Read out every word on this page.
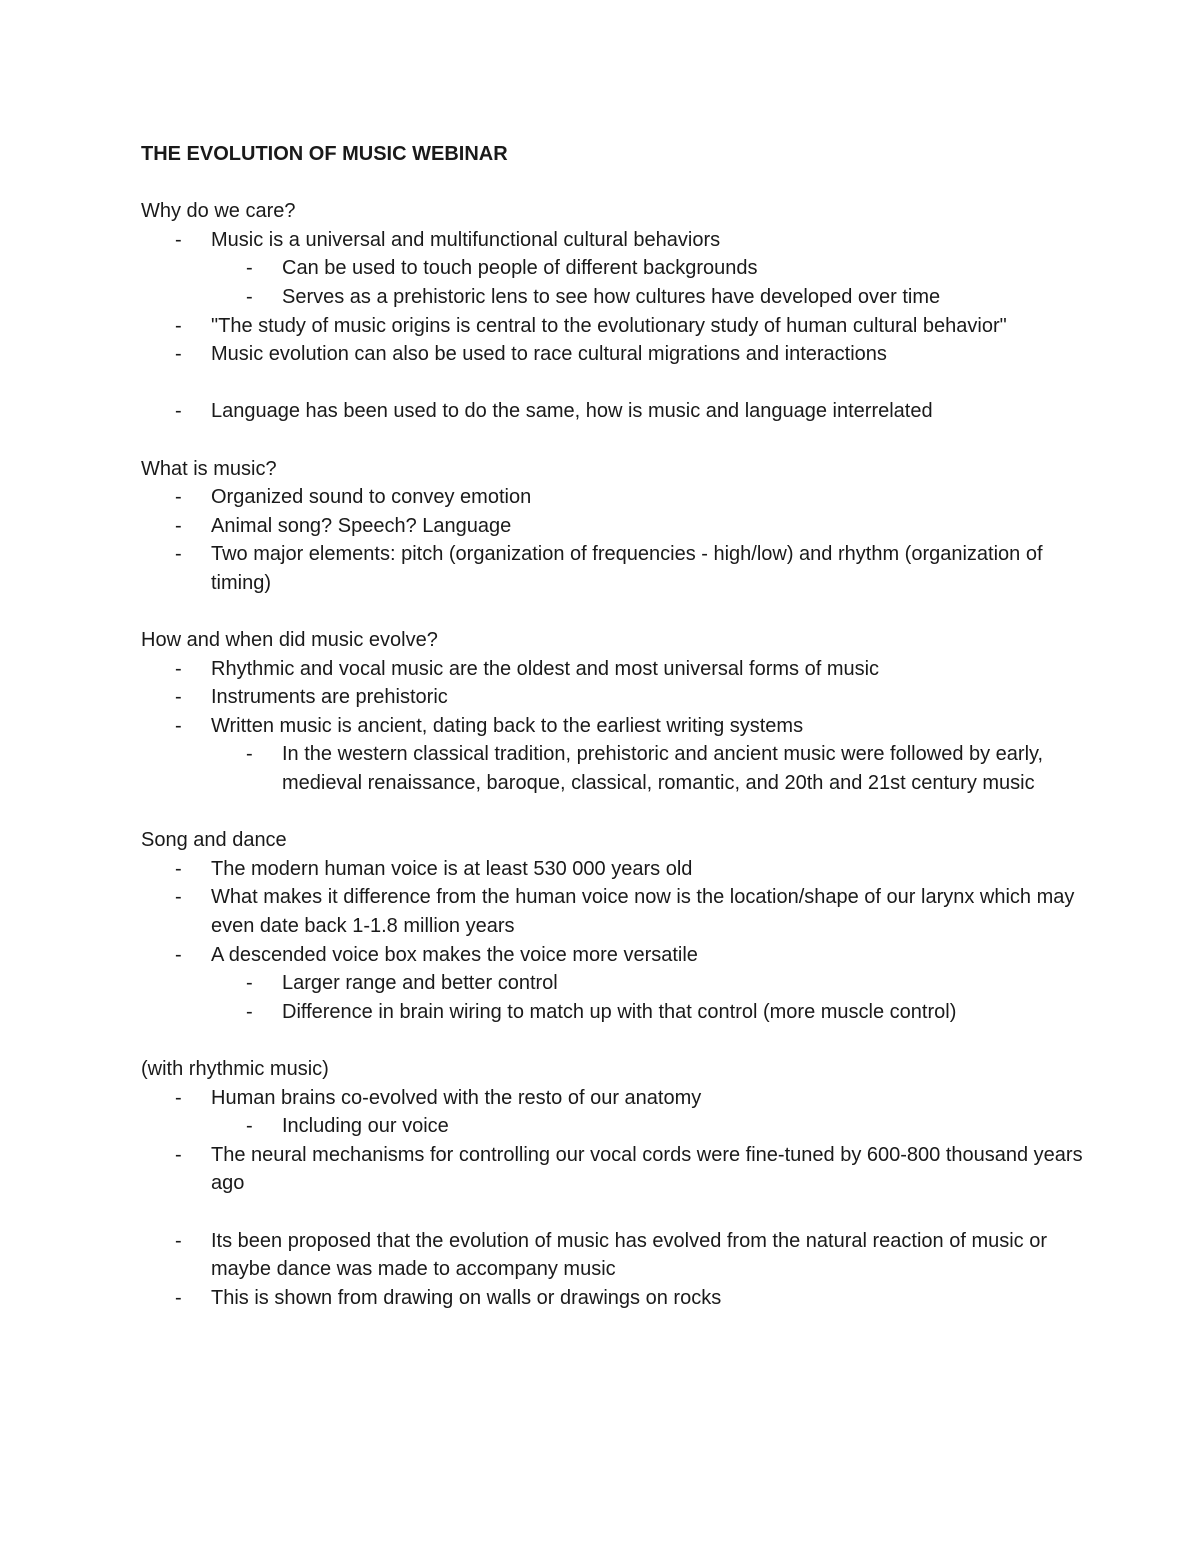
THE EVOLUTION OF MUSIC WEBINAR

Why do we care?

- Music is a universal and multifunctional cultural behaviors
- Can be used to touch people of different backgrounds
- Serves as a prehistoric lens to see how cultures have developed over time
- "The study of music origins is central to the evolutionary study of human cultural behavior"
- Music evolution can also be used to race cultural migrations and interactions
- Language has been used to do the same, how is music and language interrelated

What is music?

- Organized sound to convey emotion
- Animal song? Speech? Language
- Two major elements: pitch (organization of frequencies - high/low) and rhythm (organization of timing)

How and when did music evolve?

- Rhythmic and vocal music are the oldest and most universal forms of music
- Instruments are prehistoric
- Written music is ancient, dating back to the earliest writing systems
- In the western classical tradition, prehistoric and ancient music were followed by early, medieval renaissance, baroque, classical, romantic, and 20th and 21st century music

Song and dance

- The modern human voice is at least 530 000 years old
- What makes it difference from the human voice now is the location/shape of our larynx which may even date back 1-1.8 million years
- A descended voice box makes the voice more versatile
- Larger range and better control
- Difference in brain wiring to match up with that control (more muscle control)

(with rhythmic music)

- Human brains co-evolved with the resto of our anatomy
- Including our voice
- The neural mechanisms for controlling our vocal cords were fine-tuned by 600-800 thousand years ago
- Its been proposed that the evolution of music has evolved from the natural reaction of music or maybe dance was made to accompany music
- This is shown from drawing on walls or drawings on rocks
